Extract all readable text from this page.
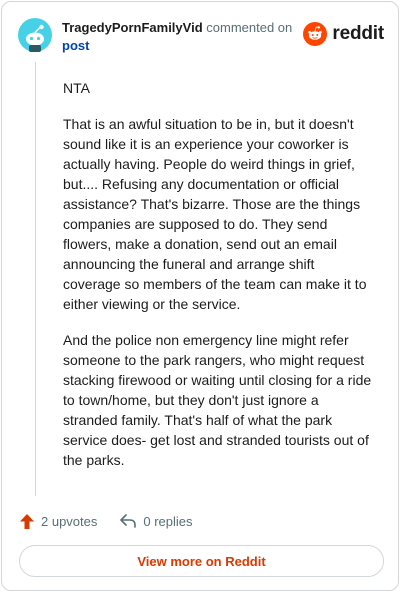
TragedyPornFamilyVid commented on
post
reddit

NTA

That is an awful situation to be in, but it doesn't sound like it is an experience your coworker is actually having. People do weird things in grief, but.... Refusing any documentation or official assistance? That's bizarre. Those are the things companies are supposed to do. They send flowers, make a donation, send out an email announcing the funeral and arrange shift coverage so members of the team can make it to either viewing or the service.

And the police non emergency line might refer someone to the park rangers, who might request stacking firewood or waiting until closing for a ride to town/home, but they don't just ignore a stranded family. That's half of what the park service does- get lost and stranded tourists out of the parks.

2 upvotes	0 replies
View more on Reddit
